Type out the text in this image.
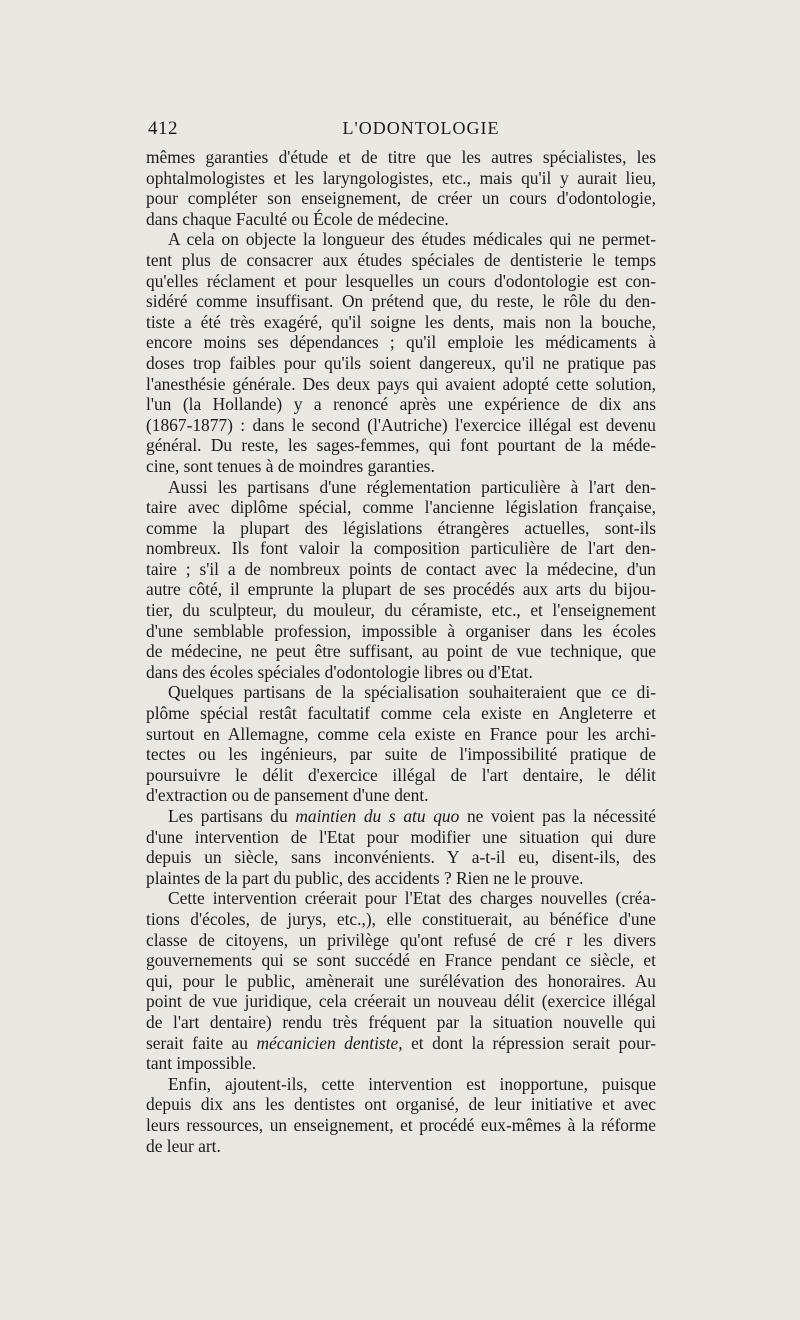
412	L'ODONTOLOGIE

mêmes garanties d'étude et de titre que les autres spécialistes, les
ophtalmologistes et les laryngologistes, etc., mais qu'il y aurait lieu,
pour compléter son enseignement, de créer un cours d'odontologie,
dans chaque Faculté ou École de médecine.

A cela on objecte la longueur des études médicales qui ne permet-
tent plus de consacrer aux études spéciales de dentisterie le temps
qu'elles réclament et pour lesquelles un cours d'odontologie est con-
sidéré comme insuffisant. On prétend que, du reste, le rôle du den-
tiste a été très exagéré, qu'il soigne les dents, mais non la bouche,
encore moins ses dépendances ; qu'il emploie les médicaments à
doses trop faibles pour qu'ils soient dangereux, qu'il ne pratique pas
l'anesthésie générale. Des deux pays qui avaient adopté cette solution,
l'un (la Hollande) y a renoncé après une expérience de dix ans
(1867-1877) : dans le second (l'Autriche) l'exercice illégal est devenu
général. Du reste, les sages-femmes, qui font pourtant de la méde-
cine, sont tenues à de moindres garanties.

Aussi les partisans d'une réglementation particulière à l'art den-
taire avec diplôme spécial, comme l'ancienne législation française,
comme la plupart des législations étrangères actuelles, sont-ils
nombreux. Ils font valoir la composition particulière de l'art den-
taire ; s'il a de nombreux points de contact avec la médecine, d'un
autre côté, il emprunte la plupart de ses procédés aux arts du bijou-
tier, du sculpteur, du mouleur, du céramiste, etc., et l'enseignement
d'une semblable profession, impossible à organiser dans les écoles
de médecine, ne peut être suffisant, au point de vue technique, que
dans des écoles spéciales d'odontologie libres ou d'Etat.

Quelques partisans de la spécialisation souhaiteraient que ce di-
plôme spécial restât facultatif comme cela existe en Angleterre et
surtout en Allemagne, comme cela existe en France pour les archi-
tectes ou les ingénieurs, par suite de l'impossibilité pratique de
poursuivre le délit d'exercice illégal de l'art dentaire, le délit
d'extraction ou de pansement d'une dent.

Les partisans du maintien du s atu quo ne voient pas la nécessité
d'une intervention de l'Etat pour modifier une situation qui dure
depuis un siècle, sans inconvénients. Y a-t-il eu, disent-ils, des
plaintes de la part du public, des accidents ? Rien ne le prouve.

Cette intervention créerait pour l'Etat des charges nouvelles (créa-
tions d'écoles, de jurys, etc.,), elle constituerait, au bénéfice d'une
classe de citoyens, un privilège qu'ont refusé de cré r les divers
gouvernements qui se sont succédé en France pendant ce siècle, et
qui, pour le public, amènerait une surélévation des honoraires. Au
point de vue juridique, cela créerait un nouveau délit (exercice illégal
de l'art dentaire) rendu très fréquent par la situation nouvelle qui
serait faite au mécanicien dentiste, et dont la répression serait pour-
tant impossible.

Enfin, ajoutent-ils, cette intervention est inopportune, puisque
depuis dix ans les dentistes ont organisé, de leur initiative et avec
leurs ressources, un enseignement, et procédé eux-mêmes à la réforme
de leur art.
